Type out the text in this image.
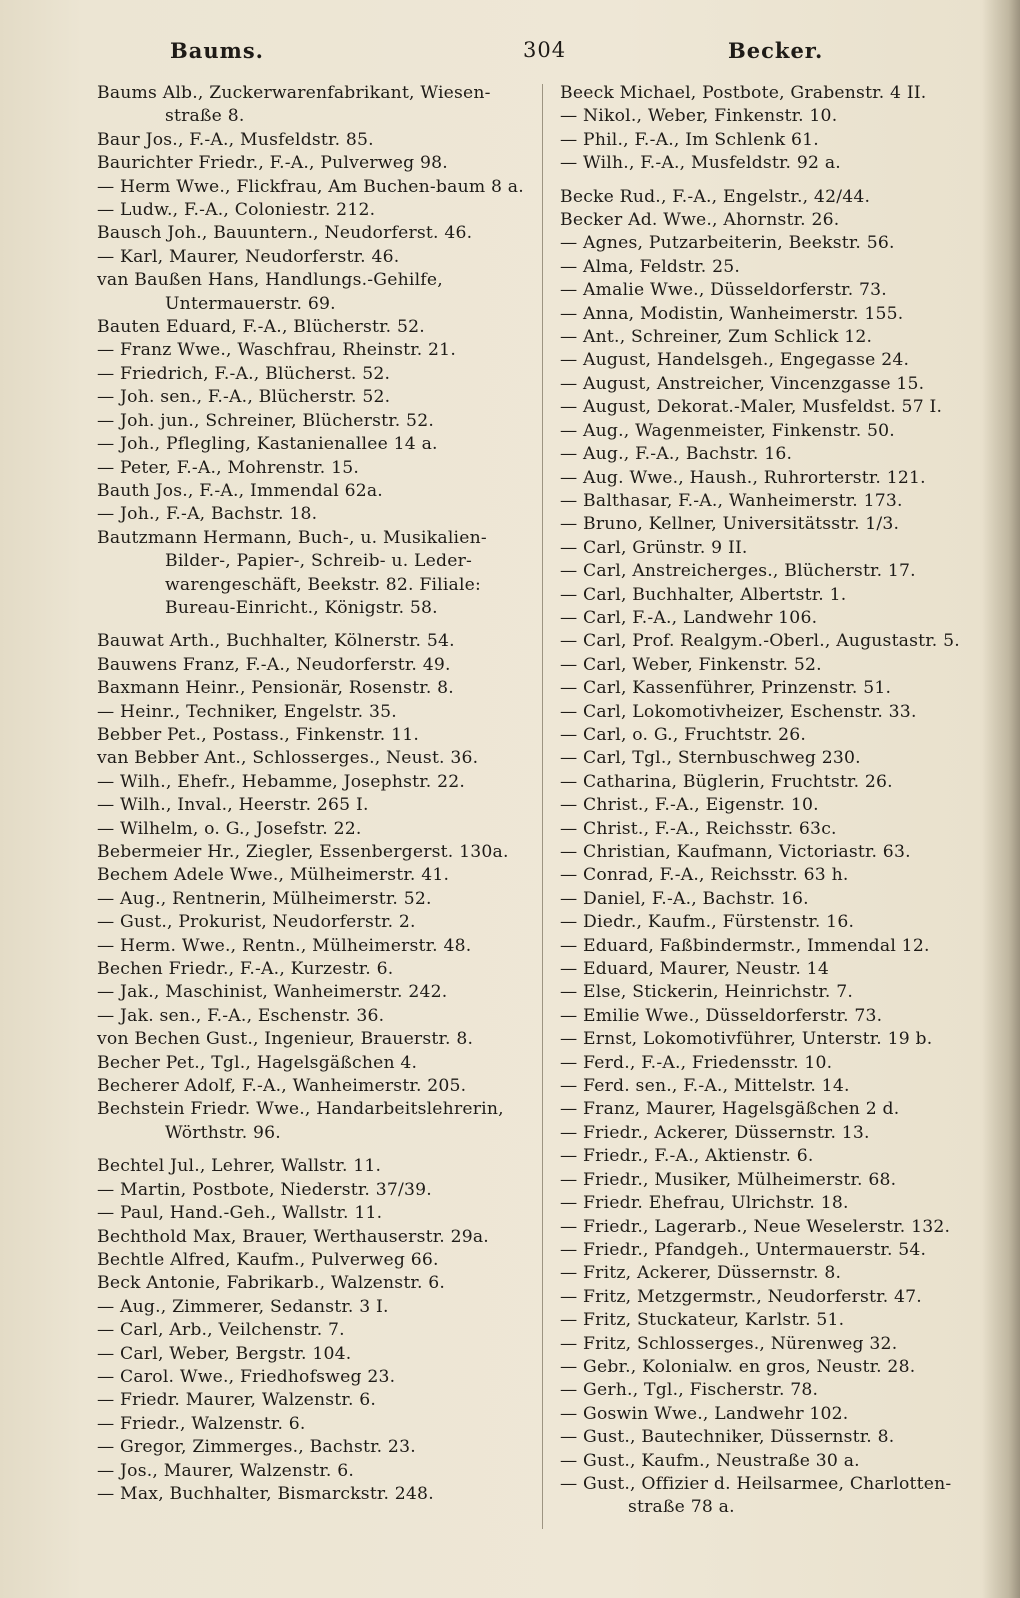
Baums.	304	Becker.
Baums Alb., Zuckerwarenfabrikant, Wiesen-straße 8.
Baur Jos., F.-A., Musfeldstr. 85.
Baurichter Friedr., F.-A., Pulverweg 98.
— Herm Wwe., Flickfrau, Am Buchen-baum 8 a.
— Ludw., F.-A., Coloniestr. 212.
Bausch Joh., Bauuntern., Neudorferst. 46.
— Karl, Maurer, Neudorferstr. 46.
van Baußen Hans, Handlungs.-Gehilfe, Untermauerstr. 69.
Bauten Eduard, F.-A., Blücherstr. 52.
— Franz Wwe., Waschfrau, Rheinstr. 21.
— Friedrich, F.-A., Blücherst. 52.
— Joh. sen., F.-A., Blücherstr. 52.
— Joh. jun., Schreiner, Blücherstr. 52.
— Joh., Pflegling, Kastanienallee 14 a.
— Peter, F.-A., Mohrenstr. 15.
Bauth Jos., F.-A., Immendal 62a.
— Joh., F.-A, Bachstr. 18.
Bautzmann Hermann, Buch-, u. Musikalien-Bilder-, Papier-, Schreib- u. Leder-warengeschäft, Beekstr. 82. Filiale: Bureau-Einricht., Königstr. 58.
Bauwat Arth., Buchhalter, Kölnerstr. 54.
Bauwens Franz, F.-A., Neudorferstr. 49.
Baxmann Heinr., Pensionär, Rosenstr. 8.
— Heinr., Techniker, Engelstr. 35.
Bebber Pet., Postass., Finkenstr. 11.
van Bebber Ant., Schlosserges., Neust. 36.
— Wilh., Ehefr., Hebamme, Josephstr. 22.
— Wilh., Inval., Heerstr. 265 I.
— Wilhelm, o. G., Josefstr. 22.
Bebermeier Hr., Ziegler, Essenbergerst. 130a.
Bechem Adele Wwe., Mülheimerstr. 41.
— Aug., Rentnerin, Mülheimerstr. 52.
— Gust., Prokurist, Neudorferstr. 2.
— Herm. Wwe., Rentn., Mülheimerstr. 48.
Bechen Friedr., F.-A., Kurzestr. 6.
— Jak., Maschinist, Wanheimerstr. 242.
— Jak. sen., F.-A., Eschenstr. 36.
von Bechen Gust., Ingenieur, Brauerstr. 8.
Becher Pet., Tgl., Hagelsgäßchen 4.
Becherer Adolf, F.-A., Wanheimerstr. 205.
Bechstein Friedr. Wwe., Handarbeitslehrerin, Wörthstr. 96.
Bechtel Jul., Lehrer, Wallstr. 11.
— Martin, Postbote, Niederstr. 37/39.
— Paul, Hand.-Geh., Wallstr. 11.
Bechthold Max, Brauer, Werthauserstr. 29a.
Bechtle Alfred, Kaufm., Pulverweg 66.
Beck Antonie, Fabrikarb., Walzenstr. 6.
— Aug., Zimmerer, Sedanstr. 3 I.
— Carl, Arb., Veilchenstr. 7.
— Carl, Weber, Bergstr. 104.
— Carol. Wwe., Friedhofsweg 23.
— Friedr. Maurer, Walzenstr. 6.
— Friedr., Walzenstr. 6.
— Gregor, Zimmerges., Bachstr. 23.
— Jos., Maurer, Walzenstr. 6.
— Max, Buchhalter, Bismarckstr. 248.
Beeck Michael, Postbote, Grabenstr. 4 II.
— Nikol., Weber, Finkenstr. 10.
— Phil., F.-A., Im Schlenk 61.
— Wilh., F.-A., Musfeldstr. 92 a.
Becke Rud., F.-A., Engelstr., 42/44.
Becker Ad. Wwe., Ahornstr. 26.
— Agnes, Putzarbeiterin, Beekstr. 56.
— Alma, Feldstr. 25.
— Amalie Wwe., Düsseldorferstr. 73.
— Anna, Modistin, Wanheimerstr. 155.
— Ant., Schreiner, Zum Schlick 12.
— August, Handelsgeh., Engegasse 24.
— August, Anstreicher, Vincenzgasse 15.
— August, Dekorat.-Maler, Musfeldst. 57 I.
— Aug., Wagenmeister, Finkenstr. 50.
— Aug., F.-A., Bachstr. 16.
— Aug. Wwe., Haush., Ruhrorterstr. 121.
— Balthasar, F.-A., Wanheimerstr. 173.
— Bruno, Kellner, Universitätsstr. 1/3.
— Carl, Grünstr. 9 II.
— Carl, Anstreicherges., Blücherstr. 17.
— Carl, Buchhalter, Albertstr. 1.
— Carl, F.-A., Landwehr 106.
— Carl, Prof. Realgym.-Oberl., Augustastr. 5.
— Carl, Weber, Finkenstr. 52.
— Carl, Kassenführer, Prinzenstr. 51.
— Carl, Lokomotivheizer, Eschenstr. 33.
— Carl, o. G., Fruchtstr. 26.
— Carl, Tgl., Sternbuschweg 230.
— Catharina, Büglerin, Fruchtstr. 26.
— Christ., F.-A., Eigenstr. 10.
— Christ., F.-A., Reichsstr. 63c.
— Christian, Kaufmann, Victoriastr. 63.
— Conrad, F.-A., Reichsstr. 63 h.
— Daniel, F.-A., Bachstr. 16.
— Diedr., Kaufm., Fürstenstr. 16.
— Eduard, Faßbindermstr., Immendal 12.
— Eduard, Maurer, Neustr. 14
— Else, Stickerin, Heinrichstr. 7.
— Emilie Wwe., Düsseldorferstr. 73.
— Ernst, Lokomotivführer, Unterstr. 19 b.
— Ferd., F.-A., Friedensstr. 10.
— Ferd. sen., F.-A., Mittelstr. 14.
— Franz, Maurer, Hagelsgäßchen 2 d.
— Friedr., Ackerer, Düssernstr. 13.
— Friedr., F.-A., Aktienstr. 6.
— Friedr., Musiker, Mülheimerstr. 68.
— Friedr. Ehefrau, Ulrichstr. 18.
— Friedr., Lagerarb., Neue Weselerstr. 132.
— Friedr., Pfandgeh., Untermauerstr. 54.
— Fritz, Ackerer, Düssernstr. 8.
— Fritz, Metzgermstr., Neudorferstr. 47.
— Fritz, Stuckateur, Karlstr. 51.
— Fritz, Schlosserges., Nürenweg 32.
— Gebr., Kolonialw. en gros, Neustr. 28.
— Gerh., Tgl., Fischerstr. 78.
— Goswin Wwe., Landwehr 102.
— Gust., Bautechniker, Düssernstr. 8.
— Gust., Kaufm., Neustraße 30 a.
— Gust., Offizier d. Heilsarmee, Charlotten-straße 78 a.
